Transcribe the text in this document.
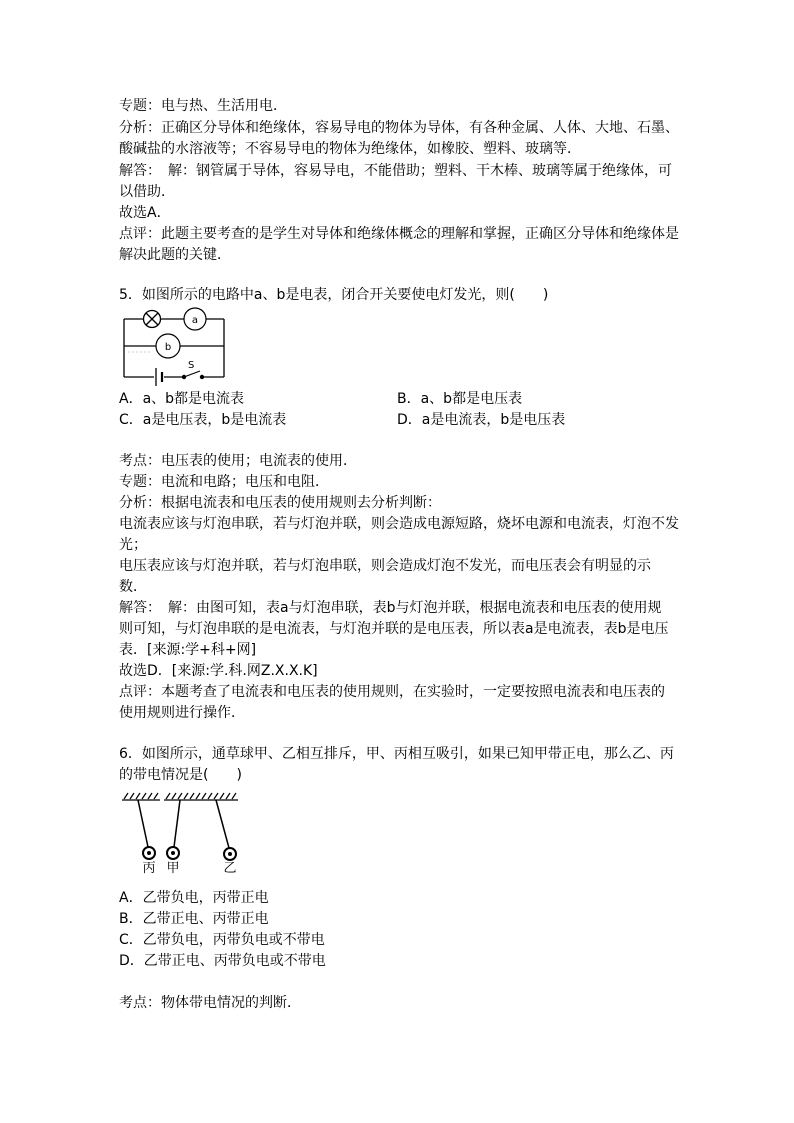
专题：电与热、生活用电．
分析：正确区分导体和绝缘体，容易导电的物体为导体，有各种金属、人体、大地、石墨、
酸碱盐的水溶液等；不容易导电的物体为绝缘体，如橡胶、塑料、玻璃等．
解答：　解：钢管属于导体，容易导电，不能借助；塑料、干木棒、玻璃等属于绝缘体，可
以借助．
故选A．
点评：此题主要考查的是学生对导体和绝缘体概念的理解和掌握，正确区分导体和绝缘体是
解决此题的关键．
5．如图所示的电路中a、b是电表，闭合开关要使电灯发光，则(　　)
a
b
S
A．a、b都是电流表	B．a、b都是电压表
C．a是电压表，b是电流表	D．a是电流表，b是电压表
考点：电压表的使用；电流表的使用．
专题：电流和电路；电压和电阻．
分析：根据电流表和电压表的使用规则去分析判断：
电流表应该与灯泡串联，若与灯泡并联，则会造成电源短路，烧坏电源和电流表，灯泡不发
光；
电压表应该与灯泡并联，若与灯泡串联，则会造成灯泡不发光，而电压表会有明显的示
数．
解答：　解：由图可知，表a与灯泡串联，表b与灯泡并联，根据电流表和电压表的使用规
则可知，与灯泡串联的是电流表，与灯泡并联的是电压表，所以表a是电流表，表b是电压
表．[来源:学+科+网]
故选D．[来源:学.科.网Z.X.X.K]
点评：本题考查了电流表和电压表的使用规则，在实验时，一定要按照电流表和电压表的
使用规则进行操作．
6．如图所示，通草球甲、乙相互排斥，甲、丙相互吸引，如果已知甲带正电，那么乙、丙
的带电情况是(　　)
丙 甲	乙
A．乙带负电，丙带正电
B．乙带正电、丙带正电
C．乙带负电，丙带负电或不带电
D．乙带正电、丙带负电或不带电
考点：物体带电情况的判断．
